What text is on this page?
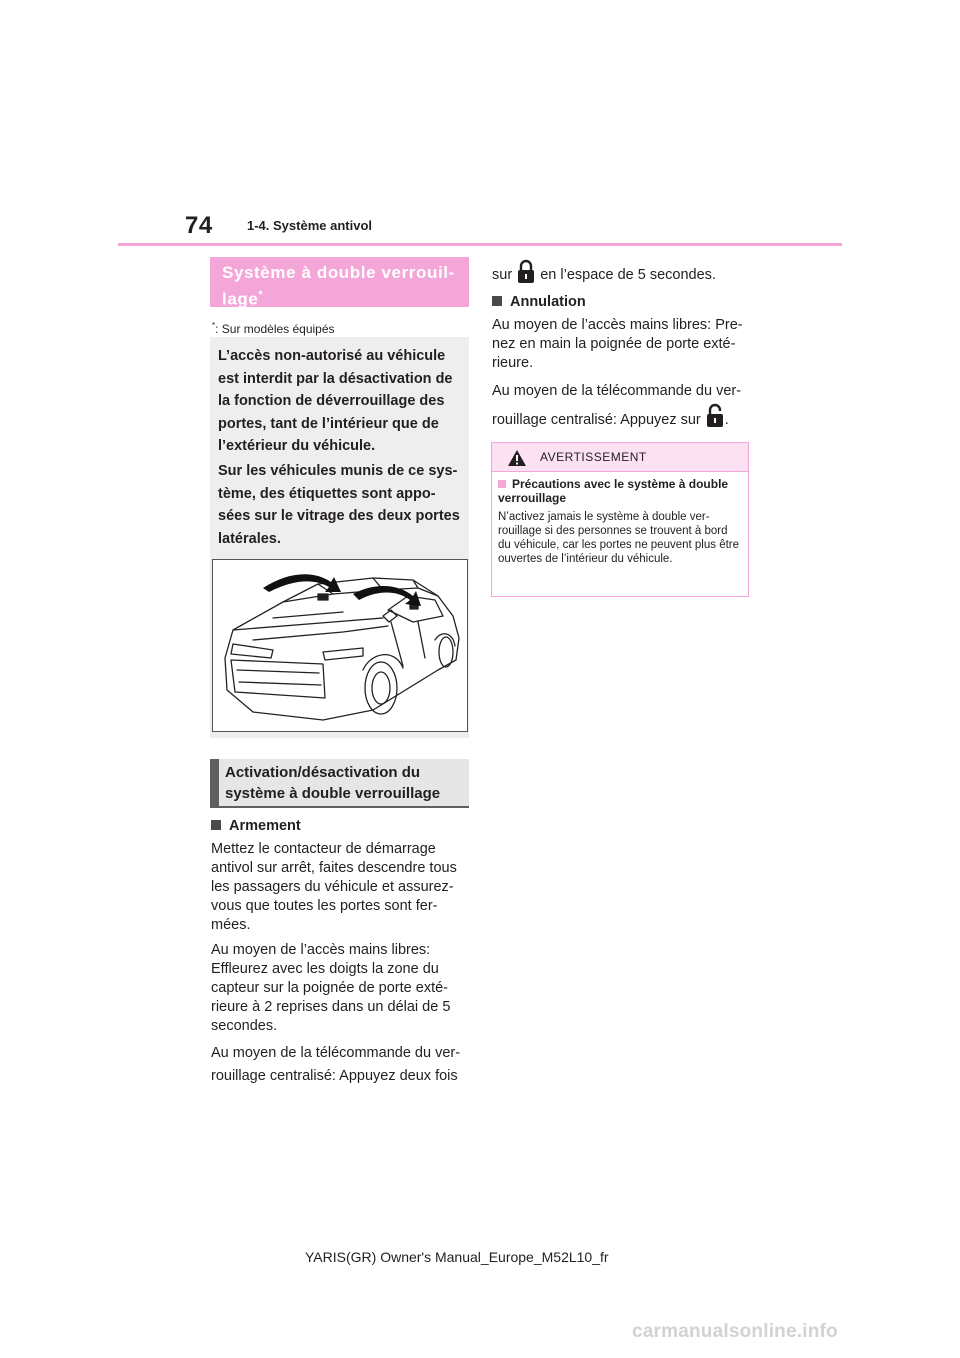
74	1-4. Système antivol
Système à double verrouil-lage*
*: Sur modèles équipés

L’accès non-autorisé au véhicule est interdit par la désactivation de la fonction de déverrouillage des portes, tant de l’intérieur que de l’extérieur du véhicule.

Sur les véhicules munis de ce sys-tème, des étiquettes sont appo-sées sur le vitrage des deux portes latérales.

Activation/désactivation du système à double verrouillage
Armement

Mettez le contacteur de démarrage antivol sur arrêt, faites descendre tous les passagers du véhicule et assurez-vous que toutes les portes sont fer-mées.

Au moyen de l’accès mains libres: Effleurez avec les doigts la zone du capteur sur la poignée de porte exté-rieure à 2 reprises dans un délai de 5 secondes.

Au moyen de la télécommande du ver-rouillage centralisé: Appuyez deux fois

sur en l’espace de 5 secondes.
Annulation

Au moyen de l’accès mains libres: Pre-nez en main la poignée de porte exté-rieure.

Au moyen de la télécommande du ver-rouillage centralisé: Appuyez sur .

AVERTISSEMENT
Précautions avec le système à double verrouillage
N’activez jamais le système à double ver-rouillage si des personnes se trouvent à bord du véhicule, car les portes ne peuvent plus être ouvertes de l’intérieur du véhicule.
YARIS(GR) Owner's Manual_Europe_M52L10_fr
carmanualsonline.info
